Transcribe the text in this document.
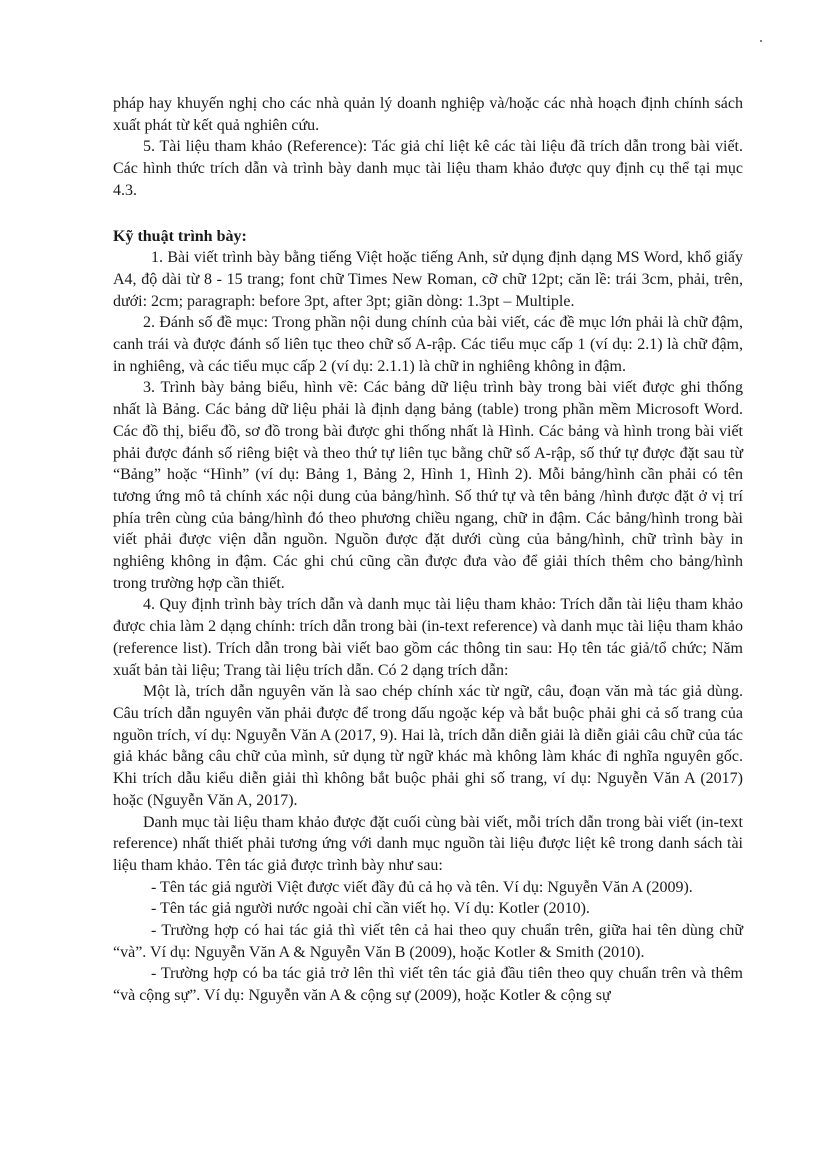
pháp hay khuyến nghị cho các nhà quản lý doanh nghiệp và/hoặc các nhà hoạch định chính sách xuất phát từ kết quả nghiên cứu.

5. Tài liệu tham khảo (Reference): Tác giả chỉ liệt kê các tài liệu đã trích dẫn trong bài viết. Các hình thức trích dẫn và trình bày danh mục tài liệu tham khảo được quy định cụ thể tại mục 4.3.

Kỹ thuật trình bày:

1. Bài viết trình bày bằng tiếng Việt hoặc tiếng Anh, sử dụng định dạng MS Word, khổ giấy A4, độ dài từ 8 - 15 trang; font chữ Times New Roman, cỡ chữ 12pt; căn lề: trái 3cm, phải, trên, dưới: 2cm; paragraph: before 3pt, after 3pt; giãn dòng: 1.3pt – Multiple.

2. Đánh số đề mục: Trong phần nội dung chính của bài viết, các đề mục lớn phải là chữ đậm, canh trái và được đánh số liên tục theo chữ số A-rập. Các tiểu mục cấp 1 (ví dụ: 2.1) là chữ đậm, in nghiêng, và các tiểu mục cấp 2 (ví dụ: 2.1.1) là chữ in nghiêng không in đậm.

3. Trình bày bảng biểu, hình vẽ: Các bảng dữ liệu trình bày trong bài viết được ghi thống nhất là Bảng. Các bảng dữ liệu phải là định dạng bảng (table) trong phần mềm Microsoft Word. Các đồ thị, biểu đồ, sơ đồ trong bài được ghi thống nhất là Hình. Các bảng và hình trong bài viết phải được đánh số riêng biệt và theo thứ tự liên tục bằng chữ số A-rập, số thứ tự được đặt sau từ “Bảng” hoặc “Hình” (ví dụ: Bảng 1, Bảng 2, Hình 1, Hình 2). Mỗi bảng/hình cần phải có tên tương ứng mô tả chính xác nội dung của bảng/hình. Số thứ tự và tên bảng /hình được đặt ở vị trí phía trên cùng của bảng/hình đó theo phương chiều ngang, chữ in đậm. Các bảng/hình trong bài viết phải được viện dẫn nguồn. Nguồn được đặt dưới cùng của bảng/hình, chữ trình bày in nghiêng không in đậm. Các ghi chú cũng cần được đưa vào để giải thích thêm cho bảng/hình trong trường hợp cần thiết.

4. Quy định trình bày trích dẫn và danh mục tài liệu tham khảo: Trích dẫn tài liệu tham khảo được chia làm 2 dạng chính: trích dẫn trong bài (in-text reference) và danh mục tài liệu tham khảo (reference list). Trích dẫn trong bài viết bao gồm các thông tin sau: Họ tên tác giả/tổ chức; Năm xuất bản tài liệu; Trang tài liệu trích dẫn. Có 2 dạng trích dẫn:

Một là, trích dẫn nguyên văn là sao chép chính xác từ ngữ, câu, đoạn văn mà tác giả dùng. Câu trích dẫn nguyên văn phải được để trong dấu ngoặc kép và bắt buộc phải ghi cả số trang của nguồn trích, ví dụ: Nguyễn Văn A (2017, 9). Hai là, trích dẫn diễn giải là diễn giải câu chữ của tác giả khác bằng câu chữ của mình, sử dụng từ ngữ khác mà không làm khác đi nghĩa nguyên gốc. Khi trích dẫu kiểu diễn giải thì không bắt buộc phải ghi số trang, ví dụ: Nguyễn Văn A (2017) hoặc (Nguyễn Văn A, 2017).

Danh mục tài liệu tham khảo được đặt cuối cùng bài viết, mỗi trích dẫn trong bài viết (in-text reference) nhất thiết phải tương ứng với danh mục nguồn tài liệu được liệt kê trong danh sách tài liệu tham khảo. Tên tác giả được trình bày như sau:

- Tên tác giả người Việt được viết đầy đủ cả họ và tên. Ví dụ: Nguyễn Văn A (2009).

- Tên tác giả người nước ngoài chỉ cần viết họ. Ví dụ: Kotler (2010).

- Trường hợp có hai tác giả thì viết tên cả hai theo quy chuẩn trên, giữa hai tên dùng chữ “và”. Ví dụ: Nguyễn Văn A & Nguyễn Văn B (2009), hoặc Kotler & Smith (2010).

- Trường hợp có ba tác giả trở lên thì viết tên tác giả đầu tiên theo quy chuẩn trên và thêm “và cộng sự”. Ví dụ: Nguyễn văn A & cộng sự (2009), hoặc Kotler & cộng sự
